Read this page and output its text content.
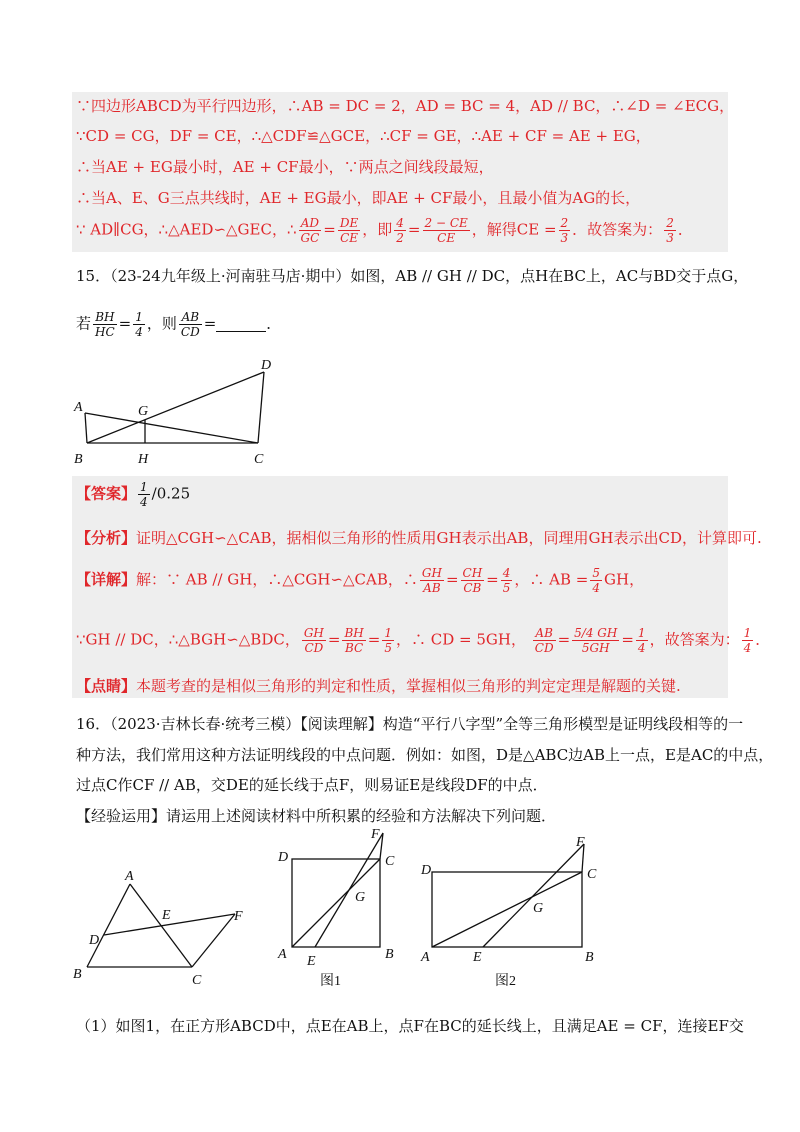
∵四边形ABCD为平行四边形，∴AB = DC = 2，AD = BC = 4，AD // BC，∴∠D = ∠ECG，
∵CD = CG，DF = CE，∴△CDF≌△GCE，∴CF = GE，∴AE + CF = AE + EG，
∴当AE + EG最小时，AE + CF最小，∵两点之间线段最短，
∴当A、E、G三点共线时，AE + EG最小，即AE + CF最小，且最小值为AG的长，
∵ AD∥CG，∴△AED∽△GEC，∴ $\frac{AD}{GC} = \frac{DE}{CE}$ ，即 $\frac{4}{2} = \frac{2 - CE}{CE}$ ，解得CE = $\frac{2}{3}$ ．故答案为： $\frac{2}{3}$ ．
15．（23-24九年级上·河南驻马店·期中）如图，AB // GH // DC，点H在BC上，AC与BD交于点G，
若 $\frac{BH}{HC} = \frac{1}{4}$ ，则 $\frac{AB}{CD}$ =	．
A
B	C
D
G
H
【答案】 $\frac{1}{4} /0.25$
【分析】证明△CGH∽△CAB，据相似三角形的性质用GH表示出AB，同理用GH表示出CD，计算即可.
【详解】解：∵ AB // GH，∴△CGH∽△CAB，∴ $\frac{GH}{AB} = \frac{CH}{CB} = \frac{4}{5}$ ，∴ AB = $\frac{5}{4}$ GH，
∵GH // DC，∴△BGH∽△BDC， $\frac{GH}{CD} = \frac{BH}{BC} = \frac{1}{5}$ ，∴ CD = 5GH， $\frac{AB}{CD} = \frac{5/4 GH}{5GH} = \frac{1}{4}$ ，故答案为： $\frac{1}{4}$ ．
【点睛】本题考查的是相似三角形的判定和性质，掌握相似三角形的判定定理是解题的关键.
16．（2023·吉林长春·统考三模）【阅读理解】构造“平行八字型”全等三角形模型是证明线段相等的一
种方法，我们常用这种方法证明线段的中点问题．例如：如图，D是△ABC边AB上一点，E是AC的中点，
过点C作CF // AB，交DE的延长线于点F，则易证E是线段DF的中点．
【经验运用】请运用上述阅读材料中所积累的经验和方法解决下列问题．
A
B	C
D
E	F
D	C
A	B
E
F
G
图1
D	C
A	B
E
F
G
图2
（1）如图1，在正方形ABCD中，点E在AB上，点F在BC的延长线上，且满足AE = CF，连接EF交
